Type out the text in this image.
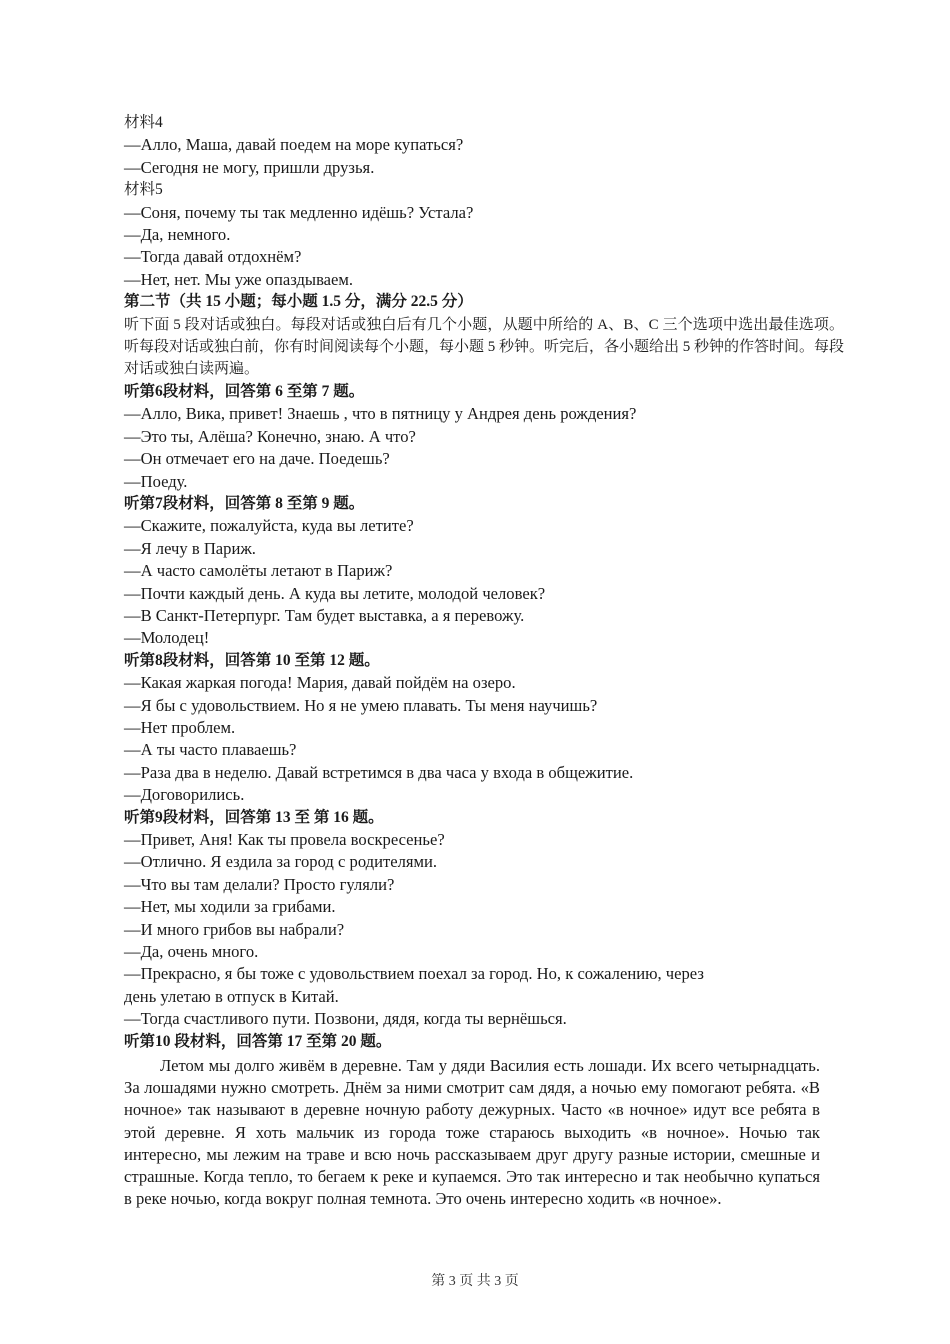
材料4
—Алло, Маша, давай поедем на море купаться?
—Сегодня не могу, пришли друзья.
材料5
—Соня, почему ты так медленно идёшь? Устала?
—Да, немного.
—Тогда давай отдохнём?
—Нет, нет. Мы уже опаздываем.
第二节（共 15 小题；每小题 1.5 分，满分 22.5 分）
听下面 5 段对话或独白。每段对话或独白后有几个小题，从题中所给的 A、B、C 三个选项中选出最佳选项。听每段对话或独白前，你有时间阅读每个小题，每小题 5 秒钟。听完后，各小题给出 5 秒钟的作答时间。每段对话或独白读两遍。
听第6段材料，回答第 6 至第 7 题。
—Алло, Вика, привет! Знаешь , что в пятницу у Андрея день рождения?
—Это ты, Алёша? Конечно, знаю. А что?
—Он отмечает его на даче. Поедешь?
—Поеду.
听第7段材料，回答第 8 至第 9 题。
—Скажите, пожалуйста, куда вы летите?
—Я лечу в Париж.
—А часто самолёты летают в Париж?
—Почти каждый день. А куда вы летите, молодой человек?
—В Санкт-Петерпург. Там будет выставка, а я перевожу.
—Молодец!
听第8段材料，回答第 10 至第 12 题。
—Какая жаркая погода! Мария, давай пойдём на озеро.
—Я бы с удовольствием. Но я не умею плавать. Ты меня научишь?
—Нет проблем.
—А ты часто плаваешь?
—Раза два в неделю. Давай встретимся в два часа у входа в общежитие.
—Договорились.
听第9段材料，回答第 13 至 第 16 题。
—Привет, Аня! Как ты провела воскресенье?
—Отлично. Я ездила за город с родителями.
—Что вы там делали? Просто гуляли?
—Нет, мы ходили за грибами.
—И много грибов вы набрали?
—Да, очень много.
—Прекрасно, я бы тоже с удовольствием поехал за город. Но, к сожалению, через
день улетаю в отпуск в Китай.
—Тогда счастливого пути. Позвони, дядя, когда ты вернёшься.
听第10 段材料，回答第 17 至第 20 题。

Летом мы долго живём в деревне. Там у дяди Василия есть лошади. Их всего четырнадцать. За лошадями нужно смотреть. Днём за ними смотрит сам дядя, а ночью ему помогают ребята. «В ночное» так называют в деревне ночную работу дежурных. Часто «в ночное» идут все ребята в этой деревне. Я хоть мальчик из города тоже стараюсь выходить «в ночное». Ночью так интересно, мы лежим на траве и всю ночь рассказываем друг другу разные истории, смешные и страшные. Когда тепло, то бегаем к реке и купаемся. Это так интересно и так необычно купаться в реке ночью, когда вокруг полная темнота. Это очень интересно ходить «в ночное».

第 3 页 共 3 页
